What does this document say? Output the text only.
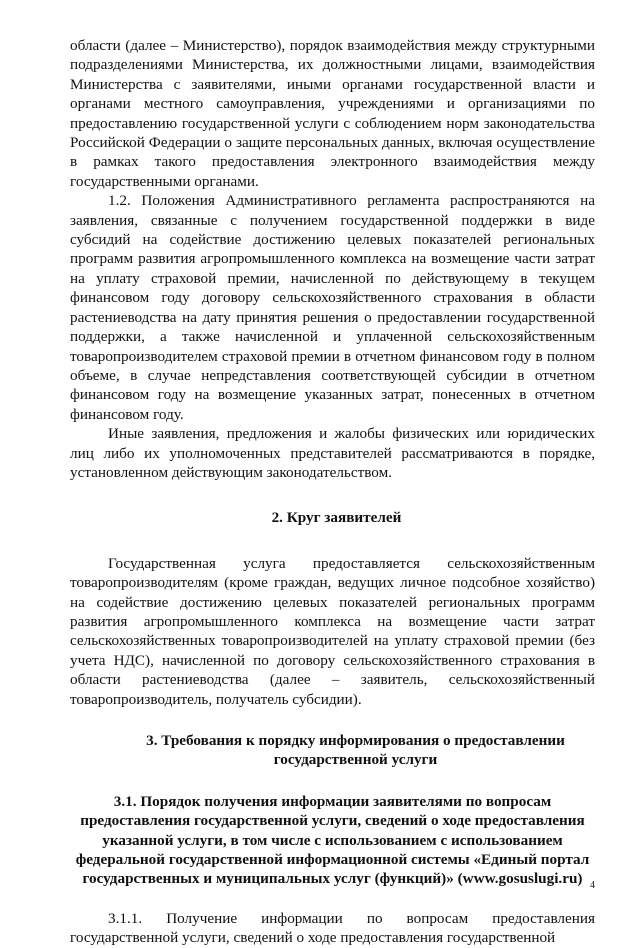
области (далее – Министерство), порядок взаимодействия между структурными подразделениями Министерства, их должностными лицами, взаимодействия Министерства с заявителями, иными органами государственной власти и органами местного самоуправления, учреждениями и организациями по предоставлению государственной услуги с соблюдением норм законодательства Российской Федерации о защите персональных данных, включая осуществление в рамках такого предоставления электронного взаимодействия между государственными органами.

1.2. Положения Административного регламента распространяются на заявления, связанные с получением государственной поддержки в виде субсидий на содействие достижению целевых показателей региональных программ развития агропромышленного комплекса на возмещение части затрат на уплату страховой премии, начисленной по действующему в текущем финансовом году договору сельскохозяйственного страхования в области растениеводства на дату принятия решения о предоставлении государственной поддержки, а также начисленной и уплаченной сельскохозяйственным товаропроизводителем страховой премии в отчетном финансовом году в полном объеме, в случае непредставления соответствующей субсидии в отчетном финансовом году на возмещение указанных затрат, понесенных в отчетном финансовом году.

Иные заявления, предложения и жалобы физических или юридических лиц либо их уполномоченных представителей рассматриваются в порядке, установленном действующим законодательством.

2. Круг заявителей

Государственная услуга предоставляется сельскохозяйственным товаропроизводителям (кроме граждан, ведущих личное подсобное хозяйство) на содействие достижению целевых показателей региональных программ развития агропромышленного комплекса на возмещение части затрат сельскохозяйственных товаропроизводителей на уплату страховой премии (без учета НДС), начисленной по договору сельскохозяйственного страхования в области растениеводства (далее – заявитель, сельскохозяйственный товаропроизводитель, получатель субсидии).

3. Требования к порядку информирования о предоставлении государственной услуги

3.1. Порядок получения информации заявителями по вопросам предоставления государственной услуги, сведений о ходе предоставления указанной услуги, в том числе с использованием с использованием федеральной государственной информационной системы «Единый портал государственных и муниципальных услуг (функций)» (www.gosuslugi.ru)

3.1.1. Получение информации по вопросам предоставления государственной услуги, сведений о ходе предоставления государственной

4
